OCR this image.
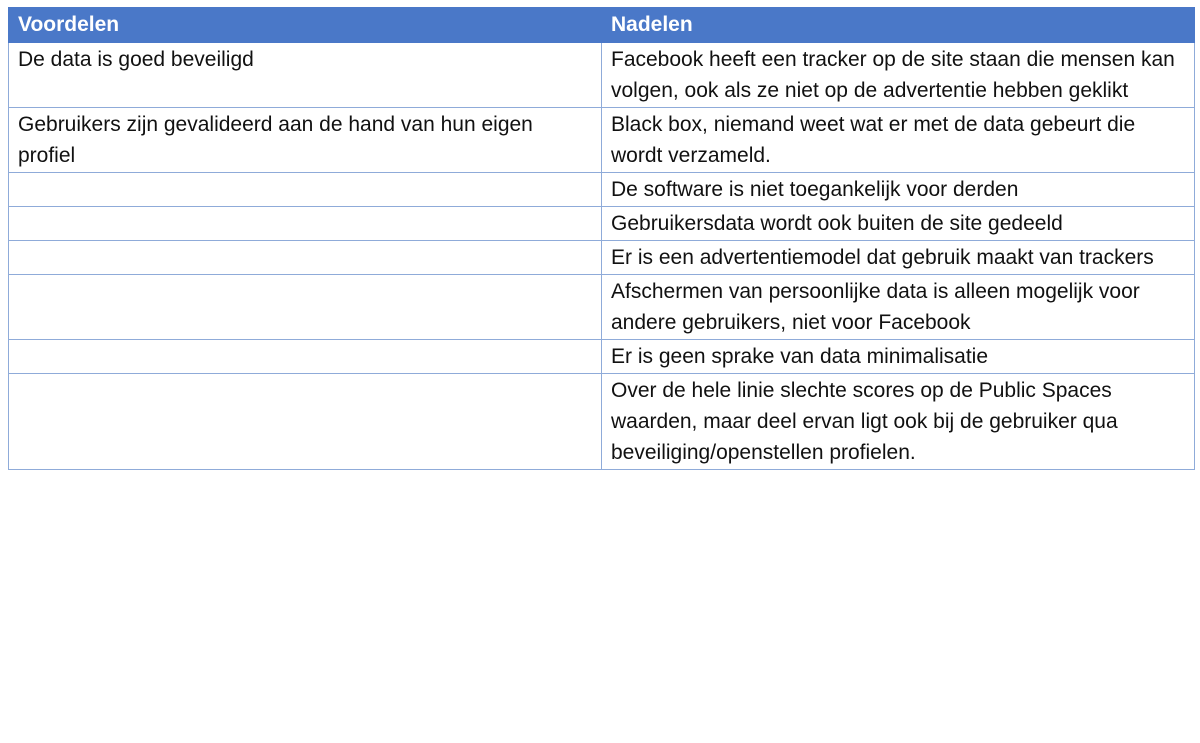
Voordelen	Nadelen
De data is goed beveiligd	Facebook heeft een tracker op de site staan die mensen kan volgen, ook als ze niet op de advertentie hebben geklikt
Gebruikers zijn gevalideerd aan de hand van hun eigen profiel	Black box, niemand weet wat er met de data gebeurt die wordt verzameld.
	De software is niet toegankelijk voor derden
	Gebruikersdata wordt ook buiten de site gedeeld
	Er is een advertentiemodel dat gebruik maakt van trackers
	Afschermen van persoonlijke data is alleen mogelijk voor andere gebruikers, niet voor Facebook
	Er is geen sprake van data minimalisatie
	Over de hele linie slechte scores op de Public Spaces waarden, maar deel ervan ligt ook bij de gebruiker qua beveiliging/openstellen profielen.
